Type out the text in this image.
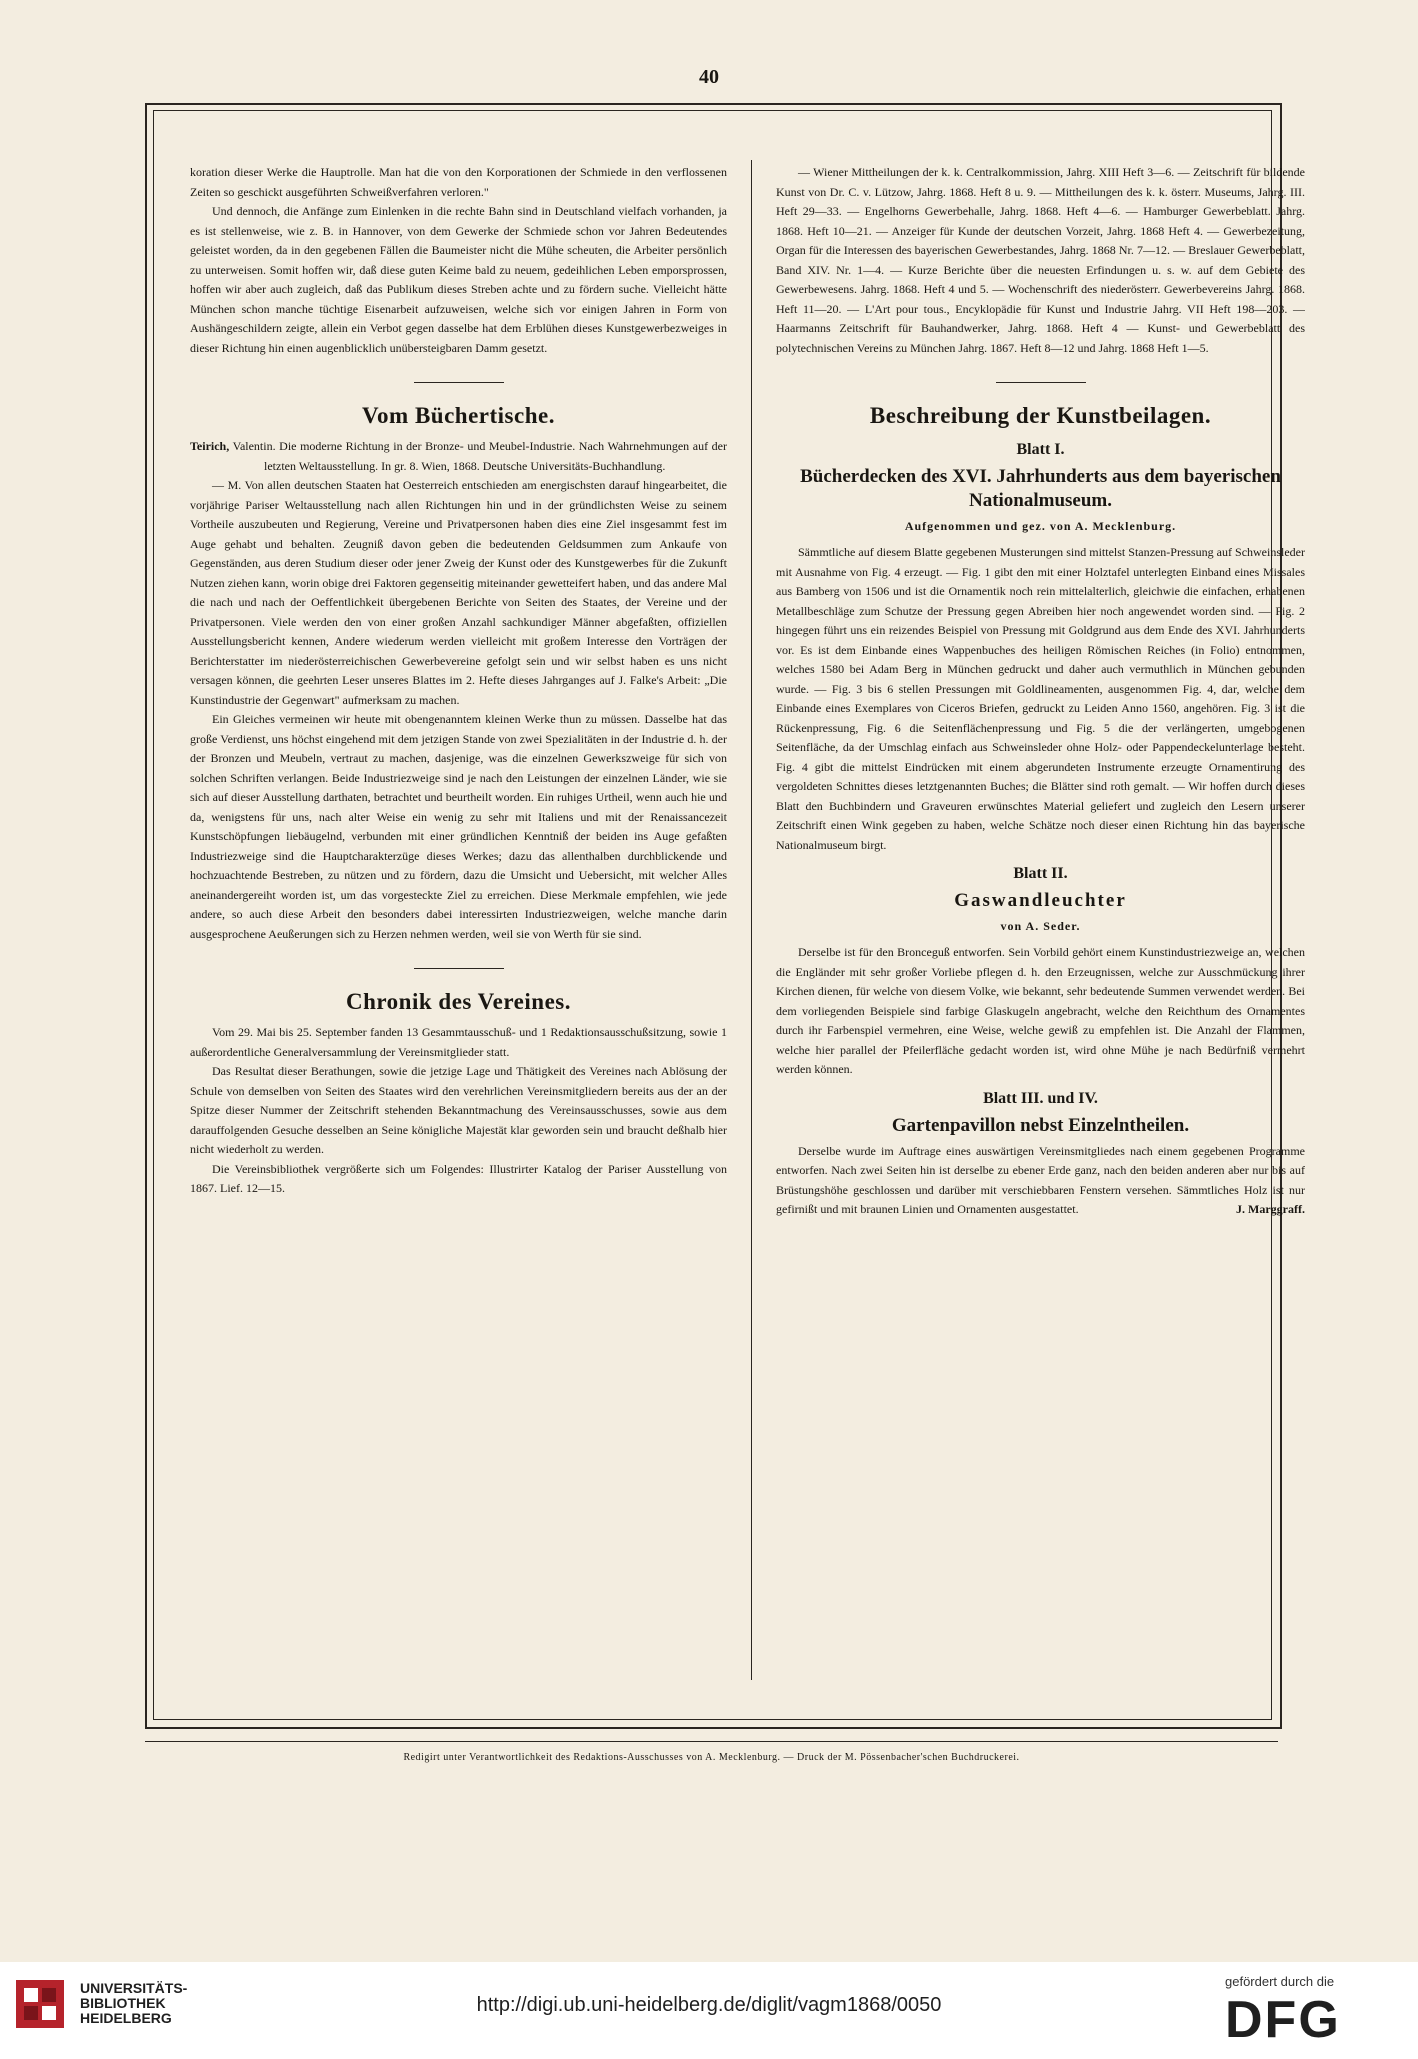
40

koration dieser Werke die Hauptrolle. Man hat die von den Korporationen der Schmiede in den verflossenen Zeiten so geschickt ausgeführten Schweißverfahren verloren."

Und dennoch, die Anfänge zum Einlenken in die rechte Bahn sind in Deutschland vielfach vorhanden, ja es ist stellenweise, wie z. B. in Hannover, von dem Gewerke der Schmiede schon vor Jahren Bedeutendes geleistet worden, da in den gegebenen Fällen die Baumeister nicht die Mühe scheuten, die Arbeiter persönlich zu unterweisen. Somit hoffen wir, daß diese guten Keime bald zu neuem, gedeihlichen Leben emporsprossen, hoffen wir aber auch zugleich, daß das Publikum dieses Streben achte und zu fördern suche. Vielleicht hätte München schon manche tüchtige Eisenarbeit aufzuweisen, welche sich vor einigen Jahren in Form von Aushängeschildern zeigte, allein ein Verbot gegen dasselbe hat dem Erblühen dieses Kunstgewerbezweiges in dieser Richtung hin einen augenblicklich unübersteigbaren Damm gesetzt.

Vom Büchertische.

Teirich, Valentin. Die moderne Richtung in der Bronze- und Meubel-Industrie. Nach Wahrnehmungen auf der letzten Weltausstellung. In gr. 8. Wien, 1868. Deutsche Universitäts-Buchhandlung.

— M. Von allen deutschen Staaten hat Oesterreich entschieden am energischsten darauf hingearbeitet, die vorjährige Pariser Weltausstellung nach allen Richtungen hin und in der gründlichsten Weise zu seinem Vortheile auszubeuten und Regierung, Vereine und Privatpersonen haben dies eine Ziel insgesammt fest im Auge gehabt und behalten. Zeugniß davon geben die bedeutenden Geldsummen zum Ankaufe von Gegenständen, aus deren Studium dieser oder jener Zweig der Kunst oder des Kunstgewerbes für die Zukunft Nutzen ziehen kann, worin obige drei Faktoren gegenseitig miteinander gewetteifert haben, und das andere Mal die nach und nach der Oeffentlichkeit übergebenen Berichte von Seiten des Staates, der Vereine und der Privatpersonen. Viele werden den von einer großen Anzahl sachkundiger Männer abgefaßten, offiziellen Ausstellungsbericht kennen, Andere wiederum werden vielleicht mit großem Interesse den Vorträgen der Berichterstatter im niederösterreichischen Gewerbevereine gefolgt sein und wir selbst haben es uns nicht versagen können, die geehrten Leser unseres Blattes im 2. Hefte dieses Jahrganges auf J. Falke's Arbeit: „Die Kunstindustrie der Gegenwart" aufmerksam zu machen.

Ein Gleiches vermeinen wir heute mit obengenanntem kleinen Werke thun zu müssen. Dasselbe hat das große Verdienst, uns höchst eingehend mit dem jetzigen Stande von zwei Spezialitäten in der Industrie d. h. der der Bronzen und Meubeln, vertraut zu machen, dasjenige, was die einzelnen Gewerkszweige für sich von solchen Schriften verlangen. Beide Industriezweige sind je nach den Leistungen der einzelnen Länder, wie sie sich auf dieser Ausstellung darthaten, betrachtet und beurtheilt worden. Ein ruhiges Urtheil, wenn auch hie und da, wenigstens für uns, nach alter Weise ein wenig zu sehr mit Italiens und mit der Renaissancezeit Kunstschöpfungen liebäugelnd, verbunden mit einer gründlichen Kenntniß der beiden ins Auge gefaßten Industriezweige sind die Hauptcharakterzüge dieses Werkes; dazu das allenthalben durchblickende und hochzuachtende Bestreben, zu nützen und zu fördern, dazu die Umsicht und Uebersicht, mit welcher Alles aneinandergereiht worden ist, um das vorgesteckte Ziel zu erreichen. Diese Merkmale empfehlen, wie jede andere, so auch diese Arbeit den besonders dabei interessirten Industriezweigen, welche manche darin ausgesprochene Aeußerungen sich zu Herzen nehmen werden, weil sie von Werth für sie sind.

Chronik des Vereines.

Vom 29. Mai bis 25. September fanden 13 Gesammtausschuß- und 1 Redaktionsausschußsitzung, sowie 1 außerordentliche Generalversammlung der Vereinsmitglieder statt.

Das Resultat dieser Berathungen, sowie die jetzige Lage und Thätigkeit des Vereines nach Ablösung der Schule von demselben von Seiten des Staates wird den verehrlichen Vereinsmitgliedern bereits aus der an der Spitze dieser Nummer der Zeitschrift stehenden Bekanntmachung des Vereinsausschusses, sowie aus dem darauffolgenden Gesuche desselben an Seine königliche Majestät klar geworden sein und braucht deßhalb hier nicht wiederholt zu werden.

Die Vereinsbibliothek vergrößerte sich um Folgendes: Illustrirter Katalog der Pariser Ausstellung von 1867. Lief. 12—15.

— Wiener Mittheilungen der k. k. Centralkommission, Jahrg. XIII Heft 3—6. — Zeitschrift für bildende Kunst von Dr. C. v. Lützow, Jahrg. 1868. Heft 8 u. 9. — Mittheilungen des k. k. österr. Museums, Jahrg. III. Heft 29—33. — Engelhorns Gewerbehalle, Jahrg. 1868. Heft 4—6. — Hamburger Gewerbeblatt. Jahrg. 1868. Heft 10—21. — Anzeiger für Kunde der deutschen Vorzeit, Jahrg. 1868 Heft 4. — Gewerbezeitung, Organ für die Interessen des bayerischen Gewerbestandes, Jahrg. 1868 Nr. 7—12. — Breslauer Gewerbeblatt, Band XIV. Nr. 1—4. — Kurze Berichte über die neuesten Erfindungen u. s. w. auf dem Gebiete des Gewerbewesens. Jahrg. 1868. Heft 4 und 5. — Wochenschrift des niederösterr. Gewerbevereins Jahrg. 1868. Heft 11—20. — L'Art pour tous., Encyklopädie für Kunst und Industrie Jahrg. VII Heft 198—203. — Haarmanns Zeitschrift für Bauhandwerker, Jahrg. 1868. Heft 4 — Kunst- und Gewerbeblatt des polytechnischen Vereins zu München Jahrg. 1867. Heft 8—12 und Jahrg. 1868 Heft 1—5.

Beschreibung der Kunstbeilagen.
Blatt I.
Bücherdecken des XVI. Jahrhunderts aus dem bayerischen Nationalmuseum.
Aufgenommen und gez. von A. Mecklenburg.

Sämmtliche auf diesem Blatte gegebenen Musterungen sind mittelst Stanzen-Pressung auf Schweinsleder mit Ausnahme von Fig. 4 erzeugt. — Fig. 1 gibt den mit einer Holztafel unterlegten Einband eines Missales aus Bamberg von 1506 und ist die Ornamentik noch rein mittelalterlich, gleichwie die einfachen, erhabenen Metallbeschläge zum Schutze der Pressung gegen Abreiben hier noch angewendet worden sind. — Fig. 2 hingegen führt uns ein reizendes Beispiel von Pressung mit Goldgrund aus dem Ende des XVI. Jahrhunderts vor. Es ist dem Einbande eines Wappenbuches des heiligen Römischen Reiches (in Folio) entnommen, welches 1580 bei Adam Berg in München gedruckt und daher auch vermuthlich in München gebunden wurde. — Fig. 3 bis 6 stellen Pressungen mit Goldlineamenten, ausgenommen Fig. 4, dar, welche dem Einbande eines Exemplares von Ciceros Briefen, gedruckt zu Leiden Anno 1560, angehören. Fig. 3 ist die Rückenpressung, Fig. 6 die Seitenflächenpressung und Fig. 5 die der verlängerten, umgebogenen Seitenfläche, da der Umschlag einfach aus Schweinsleder ohne Holz- oder Pappendeckelunterlage besteht. Fig. 4 gibt die mittelst Eindrücken mit einem abgerundeten Instrumente erzeugte Ornamentirung des vergoldeten Schnittes dieses letztgenannten Buches; die Blätter sind roth gemalt. — Wir hoffen durch dieses Blatt den Buchbindern und Graveuren erwünschtes Material geliefert und zugleich den Lesern unserer Zeitschrift einen Wink gegeben zu haben, welche Schätze noch dieser einen Richtung hin das bayerische Nationalmuseum birgt.

Blatt II.
Gaswandleuchter
von A. Seder.

Derselbe ist für den Bronceguß entworfen. Sein Vorbild gehört einem Kunstindustriezweige an, welchen die Engländer mit sehr großer Vorliebe pflegen d. h. den Erzeugnissen, welche zur Ausschmückung ihrer Kirchen dienen, für welche von diesem Volke, wie bekannt, sehr bedeutende Summen verwendet werden. Bei dem vorliegenden Beispiele sind farbige Glaskugeln angebracht, welche den Reichthum des Ornamentes durch ihr Farbenspiel vermehren, eine Weise, welche gewiß zu empfehlen ist. Die Anzahl der Flammen, welche hier parallel der Pfeilerfläche gedacht worden ist, wird ohne Mühe je nach Bedürfniß vermehrt werden können.

Blatt III. und IV.
Gartenpavillon nebst Einzelntheilen.

Derselbe wurde im Auftrage eines auswärtigen Vereinsmitgliedes nach einem gegebenen Programme entworfen. Nach zwei Seiten hin ist derselbe zu ebener Erde ganz, nach den beiden anderen aber nur bis auf Brüstungshöhe geschlossen und darüber mit verschiebbaren Fenstern versehen. Sämmtliches Holz ist nur gefirnißt und mit braunen Linien und Ornamenten ausgestattet.	J. Marggraff.

Redigirt unter Verantwortlichkeit des Redaktions-Ausschusses von A. Mecklenburg. — Druck der M. Pössenbacher'schen Buchdruckerei.
UNIVERSITÄTS-
BIBLIOTHEK
HEIDELBERG
http://digi.ub.uni-heidelberg.de/diglit/vagm1868/0050
gefördert durch die
DFG
